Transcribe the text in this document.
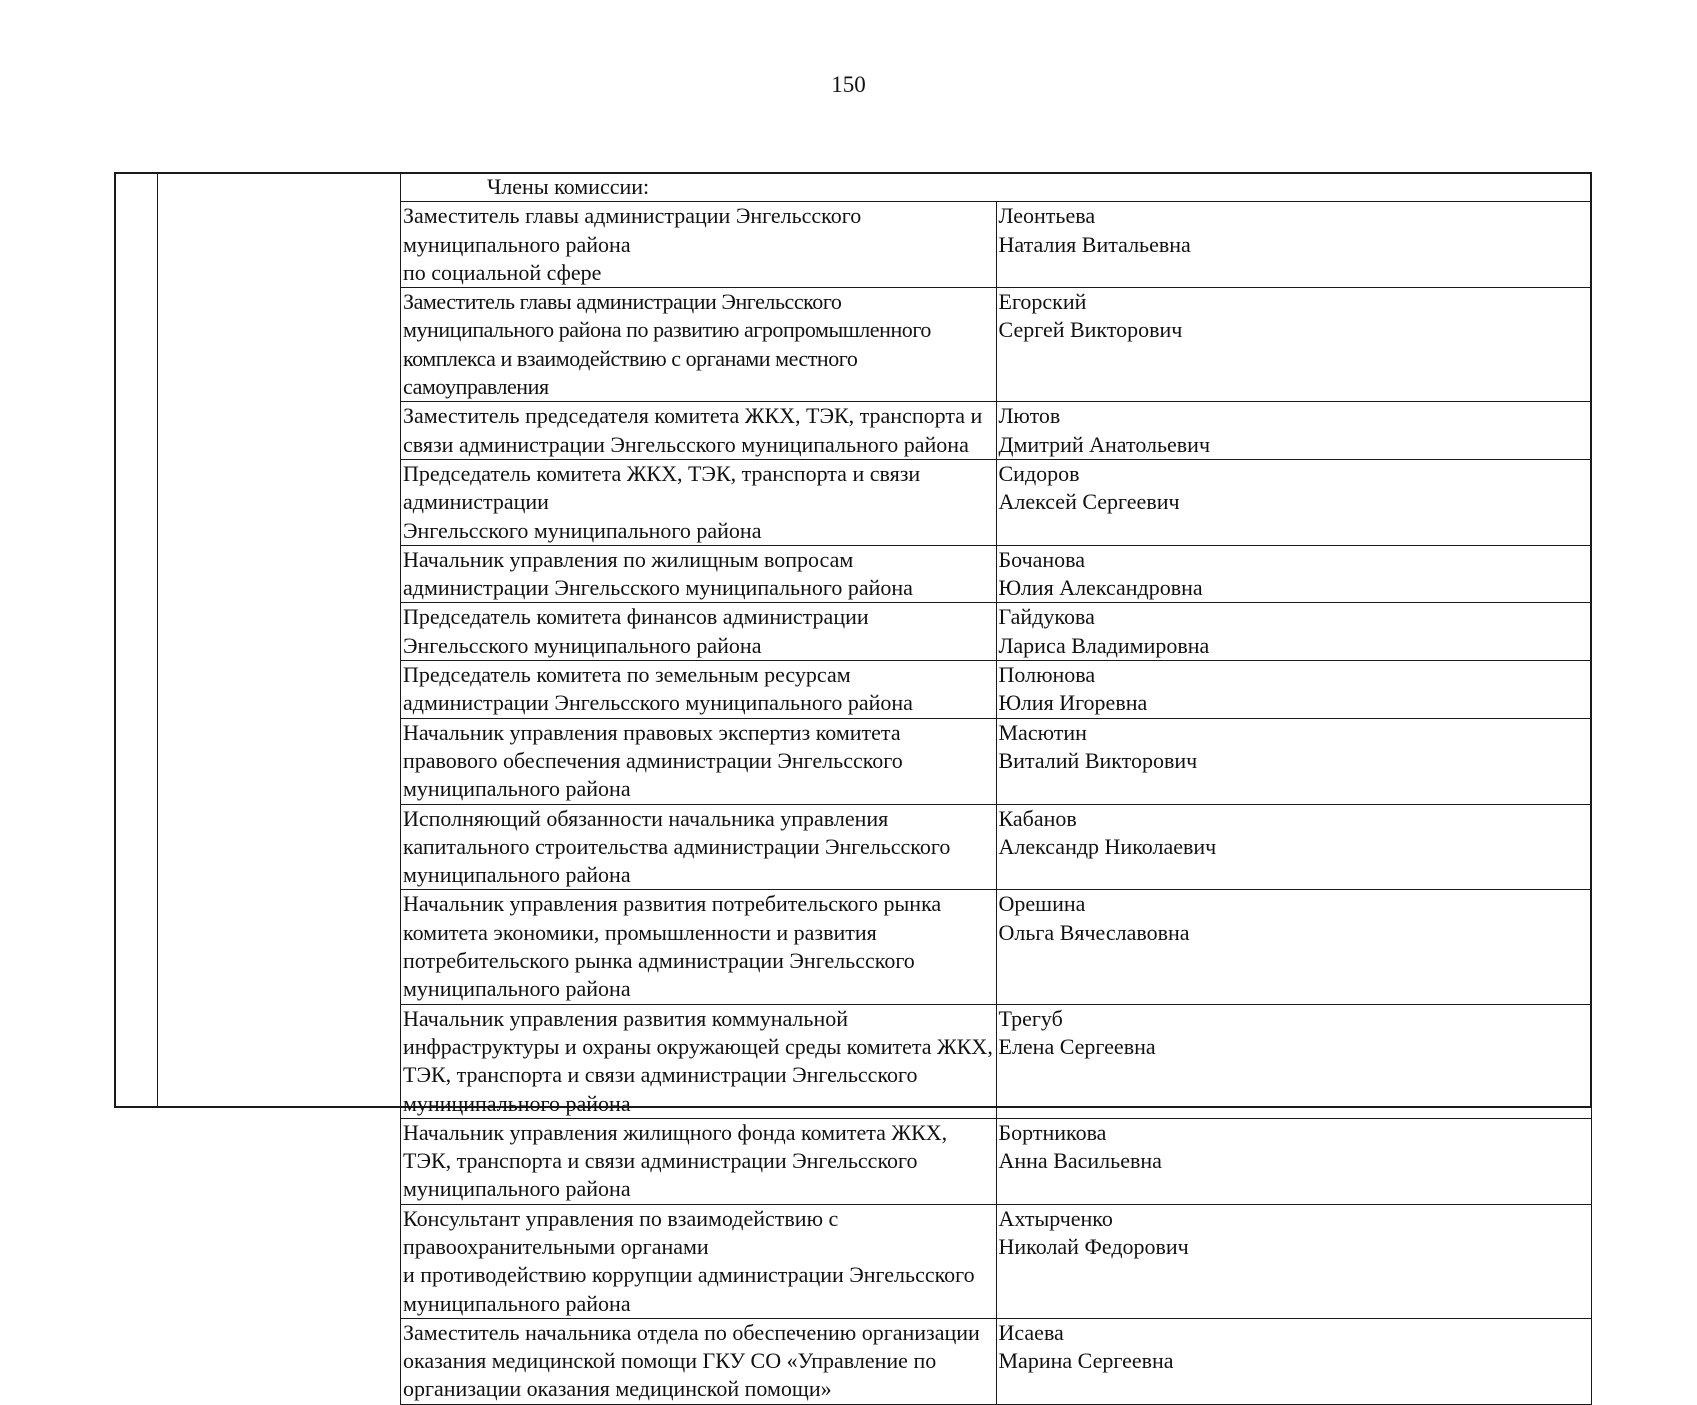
150
Члены комиссии:	
Заместитель главы администрации Энгельсского муниципального района
по социальной сфере	Леонтьева
Наталия Витальевна

Заместитель главы администрации Энгельсского муниципального района по развитию агропромышленного комплекса и взаимодействию с органами местного самоуправления	Егорский
Сергей Викторович

Заместитель председателя комитета ЖКХ, ТЭК, транспорта и связи администрации Энгельсского муниципального района	Лютов
Дмитрий Анатольевич

Председатель комитета ЖКХ, ТЭК, транспорта и связи администрации
Энгельсского муниципального района	Сидоров
Алексей Сергеевич

Начальник управления по жилищным вопросам администрации Энгельсского муниципального района	Бочанова
Юлия Александровна

Председатель комитета финансов администрации Энгельсского муниципального района	Гайдукова
Лариса Владимировна

Председатель комитета по земельным ресурсам администрации Энгельсского муниципального района	Полюнова
Юлия Игоревна

Начальник управления правовых экспертиз комитета правового обеспечения администрации Энгельсского муниципального района	Масютин
Виталий Викторович

Исполняющий обязанности начальника управления капитального строительства администрации Энгельсского муниципального района	Кабанов
Александр Николаевич

Начальник управления развития потребительского рынка комитета экономики, промышленности и развития потребительского рынка администрации Энгельсского муниципального района	Орешина
Ольга Вячеславовна

Начальник управления развития коммунальной инфраструктуры и охраны окружающей среды комитета ЖКХ, ТЭК, транспорта и связи администрации Энгельсского муниципального района	Трегуб
Елена Сергеевна

Начальник управления жилищного фонда комитета ЖКХ, ТЭК, транспорта и связи администрации Энгельсского муниципального района	Бортникова
Анна Васильевна

Консультант управления по взаимодействию с правоохранительными органами
и противодействию коррупции администрации Энгельсского муниципального района	Ахтырченко
Николай Федорович

Заместитель начальника отдела по обеспечению организации оказания медицинской помощи ГКУ СО «Управление по организации оказания медицинской помощи»	Исаева
Марина Сергеевна
